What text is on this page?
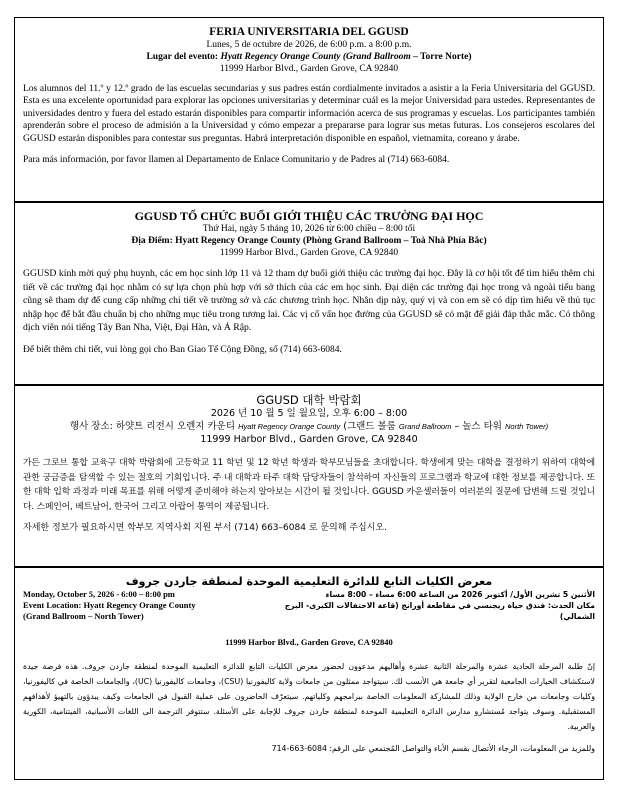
FERIA UNIVERSITARIA DEL GGUSD
Lunes, 5 de octubre de 2026, de 6:00 p.m. a 8:00 p.m.
Lugar del evento: Hyatt Regency Orange County (Grand Ballroom – Torre Norte)
11999 Harbor Blvd., Garden Grove, CA 92840

Los alumnos del 11.º y 12.º grado de las escuelas secundarias y sus padres están cordialmente invitados a asistir a la Feria Universitaria del GGUSD. Esta es una excelente oportunidad para explorar las opciones universitarias y determinar cuál es la mejor Universidad para ustedes. Representantes de universidades dentro y fuera del estado estarán disponibles para compartir información acerca de sus programas y escuelas. Los participantes también aprenderán sobre el proceso de admisión a la Universidad y cómo empezar a prepararse para lograr sus metas futuras. Los consejeros escolares del GGUSD estarán disponibles para contestar sus preguntas. Habrá interpretación disponible en español, vietnamita, coreano y árabe.

Para más información, por favor llamen al Departamento de Enlace Comunitario y de Padres al (714) 663-6084.

GGUSD TỔ CHỨC BUỔI GIỚI THIỆU CÁC TRƯỜNG ĐẠI HỌC
Thứ Hai, ngày 5 tháng 10, 2026 từ 6:00 chiều – 8:00 tối
Địa Điểm: Hyatt Regency Orange County (Phòng Grand Ballroom – Toà Nhà Phía Bắc)
11999 Harbor Blvd., Garden Grove, CA 92840

GGUSD kính mời quý phụ huynh, các em học sinh lớp 11 và 12 tham dự buổi giới thiệu các trường đại học. Đây là cơ hội tốt để tìm hiểu thêm chi tiết về các trường đại học nhằm có sự lựa chọn phù hợp với sở thích của các em học sinh. Đại diện các trường đại học trong và ngoài tiểu bang cũng sẽ tham dự để cung cấp những chi tiết về trường sở và các chương trình học. Nhân dịp này, quý vị và con em sẽ có dịp tìm hiểu về thủ tục nhập học để bắt đầu chuẩn bị cho những mục tiêu trong tương lai. Các vị cố vấn học đường của GGUSD sẽ có mặt để giải đáp thắc mắc. Có thông dịch viên nói tiếng Tây Ban Nha, Việt, Đại Hàn, và Ả Rập.

Để biết thêm chi tiết, vui lòng gọi cho Ban Giao Tế Cộng Đồng, số (714) 663-6084.

GGUSD 대학 박람회
2026 년 10 월 5 일 월요일, 오후 6:00 – 8:00
행사 장소: 하얏트 리전시 오렌지 카운티 Hyatt Regency Orange County (그랜드 볼룸 Grand Ballroom – 놀스 타워 North Tower)
11999 Harbor Blvd., Garden Grove, CA 92840

가든 그로브 통합 교육구 대학 박람회에 고등학교 11 학년 및 12 학년 학생과 학부모님들을 초대합니다. 학생에게 맞는 대학을 결정하기 위하여 대학에 관한 궁금증을 탐색할 수 있는 절호의 기회입니다. 주 내 대학과 타주 대학 담당자들이 참석하여 자신들의 프로그램과 학교에 대한 정보를 제공합니다. 또한 대학 입학 과정과 미래 목표를 위해 어떻게 준비해야 하는지 알아보는 시간이 될 것입니다. GGUSD 카운셀러들이 여러분의 질문에 답변해 드릴 것입니다. 스페인어, 베트남어, 한국어 그리고 아랍어 통역이 제공됩니다.

자세한 정보가 필요하시면 학부모 지역사회 지원 부서 (714) 663–6084 로 문의해 주십시오.

معرض الكليات التابع للدائرة التعليمية الموحدة لمنطقة جاردن جروف
Monday, October 5, 2026 - 6:00 – 8:00 pm
Event Location: Hyatt Regency Orange County
(Grand Ballroom – North Tower)
الأثنين 5 تشرين الأول/ أكتوبر 2026 من الساعة 6:00 مساء – 8:00 مساء
مكان الحدث: فندق حياة ريجنسي في مقاطعة أورانج (قاعة الاحتفالات الكبرى- البرج الشمالي)
11999 Harbor Blvd., Garden Grove, CA 92840

إنّ طلبة المرحلة الحادية عشرة والمرحلة الثانية عشرة وأهاليهم مدعوون لحضور معرض الكليات التابع للدائرة التعليمية الموحدة لمنطقة جاردن جروف. هذه فرصة جيدة لاستكشاف الخيارات الجامعية لتقرير أي جامعة هي الأنسب لك. سيتواجد ممثلون من جامعات ولاية كاليفورنيا (CSU)، وجامعات كاليفورنيا (UC)، والجامعات الخاصة في كاليفورنيا، وكليات وجامعات من خارج الولاية وذلك للمشاركة المعلومات الخاصة ببرامجهم وكلياتهم. سيتعرّف الحاضرون على عملية القبول في الجامعات وكيف يبدؤون بالتهيؤ لأهدافهم المستقبلية. وسوف يتواجد مُستشارو مدارس الدائرة التعليمية الموحدة لمنطقة جاردن جروف للإجابة على الأسئلة. ستتوفر الترجمة الى اللغات الأسبانية، الفيتنامية، الكورية والعربية.

وللمزيد من المعلومات، الرجاء الأتصال بقسم الأباء والتواصل المُجتمعي على الرقم: 6084-663-714
